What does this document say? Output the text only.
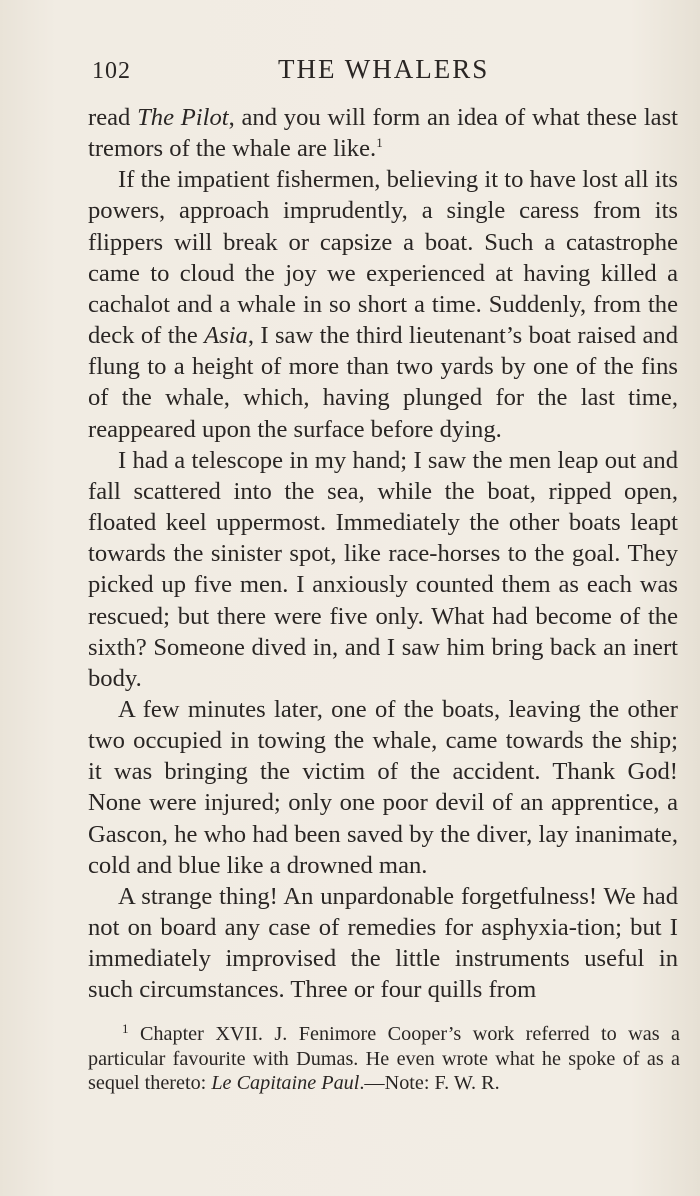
102	THE WHALERS

read The Pilot, and you will form an idea of what these last tremors of the whale are like.$^1$

If the impatient fishermen, believing it to have lost all its powers, approach imprudently, a single caress from its flippers will break or capsize a boat. Such a catastrophe came to cloud the joy we experienced at having killed a cachalot and a whale in so short a time. Suddenly, from the deck of the Asia, I saw the third lieutenant’s boat raised and flung to a height of more than two yards by one of the fins of the whale, which, having plunged for the last time, reappeared upon the surface before dying.

I had a telescope in my hand; I saw the men leap out and fall scattered into the sea, while the boat, ripped open, floated keel uppermost. Immediately the other boats leapt towards the sinister spot, like race-horses to the goal. They picked up five men. I anxiously counted them as each was rescued; but there were five only. What had become of the sixth? Someone dived in, and I saw him bring back an inert body.

A few minutes later, one of the boats, leaving the other two occupied in towing the whale, came towards the ship; it was bringing the victim of the accident. Thank God! None were injured; only one poor devil of an apprentice, a Gascon, he who had been saved by the diver, lay inanimate, cold and blue like a drowned man.

A strange thing! An unpardonable forgetfulness! We had not on board any case of remedies for asphyxia-tion; but I immediately improvised the little instruments useful in such circumstances. Three or four quills from

$^1$ Chapter XVII. J. Fenimore Cooper’s work referred to was a particular favourite with Dumas. He even wrote what he spoke of as a sequel thereto: Le Capitaine Paul.—Note: F. W. R.
